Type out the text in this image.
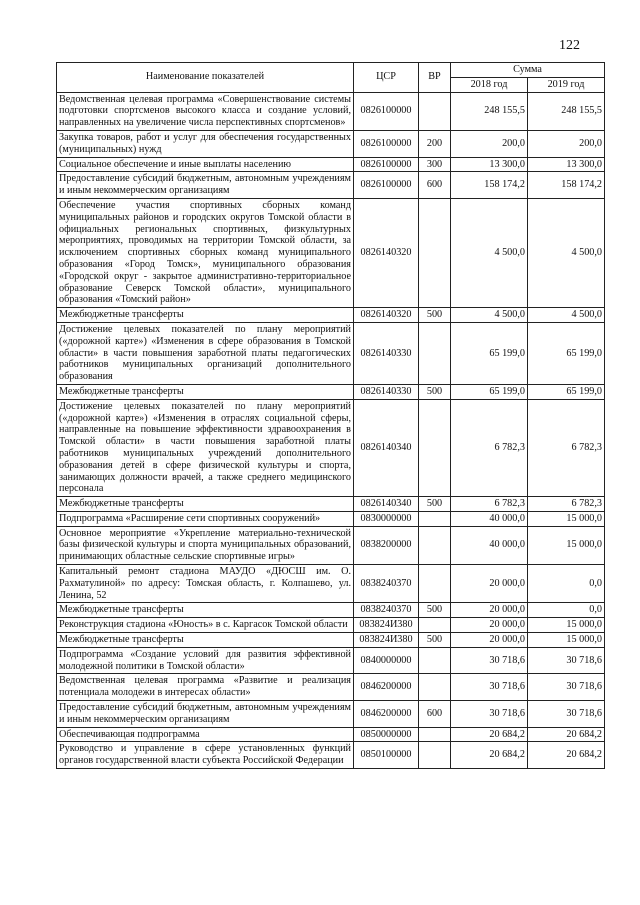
122
Наименование показателей	ЦСР	ВР	Сумма	
			2018 год	2019 год
Ведомственная целевая программа «Совершенствование системы подготовки спортсменов высокого класса и создание условий, направленных на увеличение числа перспективных спортсменов»	0826100000		248 155,5	248 155,5
Закупка товаров, работ и услуг для обеспечения государственных (муниципальных) нужд	0826100000	200	200,0	200,0
Социальное обеспечение и иные выплаты населению	0826100000	300	13 300,0	13 300,0
Предоставление субсидий бюджетным, автономным учреждениям и иным некоммерческим организациям	0826100000	600	158 174,2	158 174,2
Обеспечение участия спортивных сборных команд муниципальных районов и городских округов Томской области в официальных региональных спортивных, физкультурных мероприятиях, проводимых на территории Томской области, за исключением спортивных сборных команд муниципального образования «Город Томск», муниципального образования «Городской округ - закрытое административно-территориальное образование Северск Томской области», муниципального образования «Томский район»	0826140320		4 500,0	4 500,0
Межбюджетные трансферты	0826140320	500	4 500,0	4 500,0
Достижение целевых показателей по плану мероприятий («дорожной карте») «Изменения в сфере образования в Томской области» в части повышения заработной платы педагогических работников муниципальных организаций дополнительного образования	0826140330		65 199,0	65 199,0
Межбюджетные трансферты	0826140330	500	65 199,0	65 199,0
Достижение целевых показателей по плану мероприятий («дорожной карте») «Изменения в отраслях социальной сферы, направленные на повышение эффективности здравоохранения в Томской области» в части повышения заработной платы работников муниципальных учреждений дополнительного образования детей в сфере физической культуры и спорта, занимающих должности врачей, а также среднего медицинского персонала	0826140340		6 782,3	6 782,3
Межбюджетные трансферты	0826140340	500	6 782,3	6 782,3
Подпрограмма «Расширение сети спортивных сооружений»	0830000000		40 000,0	15 000,0
Основное мероприятие «Укрепление материально-технической базы физической культуры и спорта муниципальных образований, принимающих областные сельские спортивные игры»	0838200000		40 000,0	15 000,0
Капитальный ремонт стадиона МАУДО «ДЮСШ им. О. Рахматулиной» по адресу: Томская область, г. Колпашево, ул. Ленина, 52	0838240370		20 000,0	0,0
Межбюджетные трансферты	0838240370	500	20 000,0	0,0
Реконструкция стадиона «Юность» в с. Каргасок Томской области	083824И380		20 000,0	15 000,0
Межбюджетные трансферты	083824И380	500	20 000,0	15 000,0
Подпрограмма «Создание условий для развития эффективной молодежной политики в Томской области»	0840000000		30 718,6	30 718,6
Ведомственная целевая программа «Развитие и реализация потенциала молодежи в интересах области»	0846200000		30 718,6	30 718,6
Предоставление субсидий бюджетным, автономным учреждениям и иным некоммерческим организациям	0846200000	600	30 718,6	30 718,6
Обеспечивающая подпрограмма	0850000000		20 684,2	20 684,2
Руководство и управление в сфере установленных функций органов государственной власти субъекта Российской Федерации	0850100000		20 684,2	20 684,2
